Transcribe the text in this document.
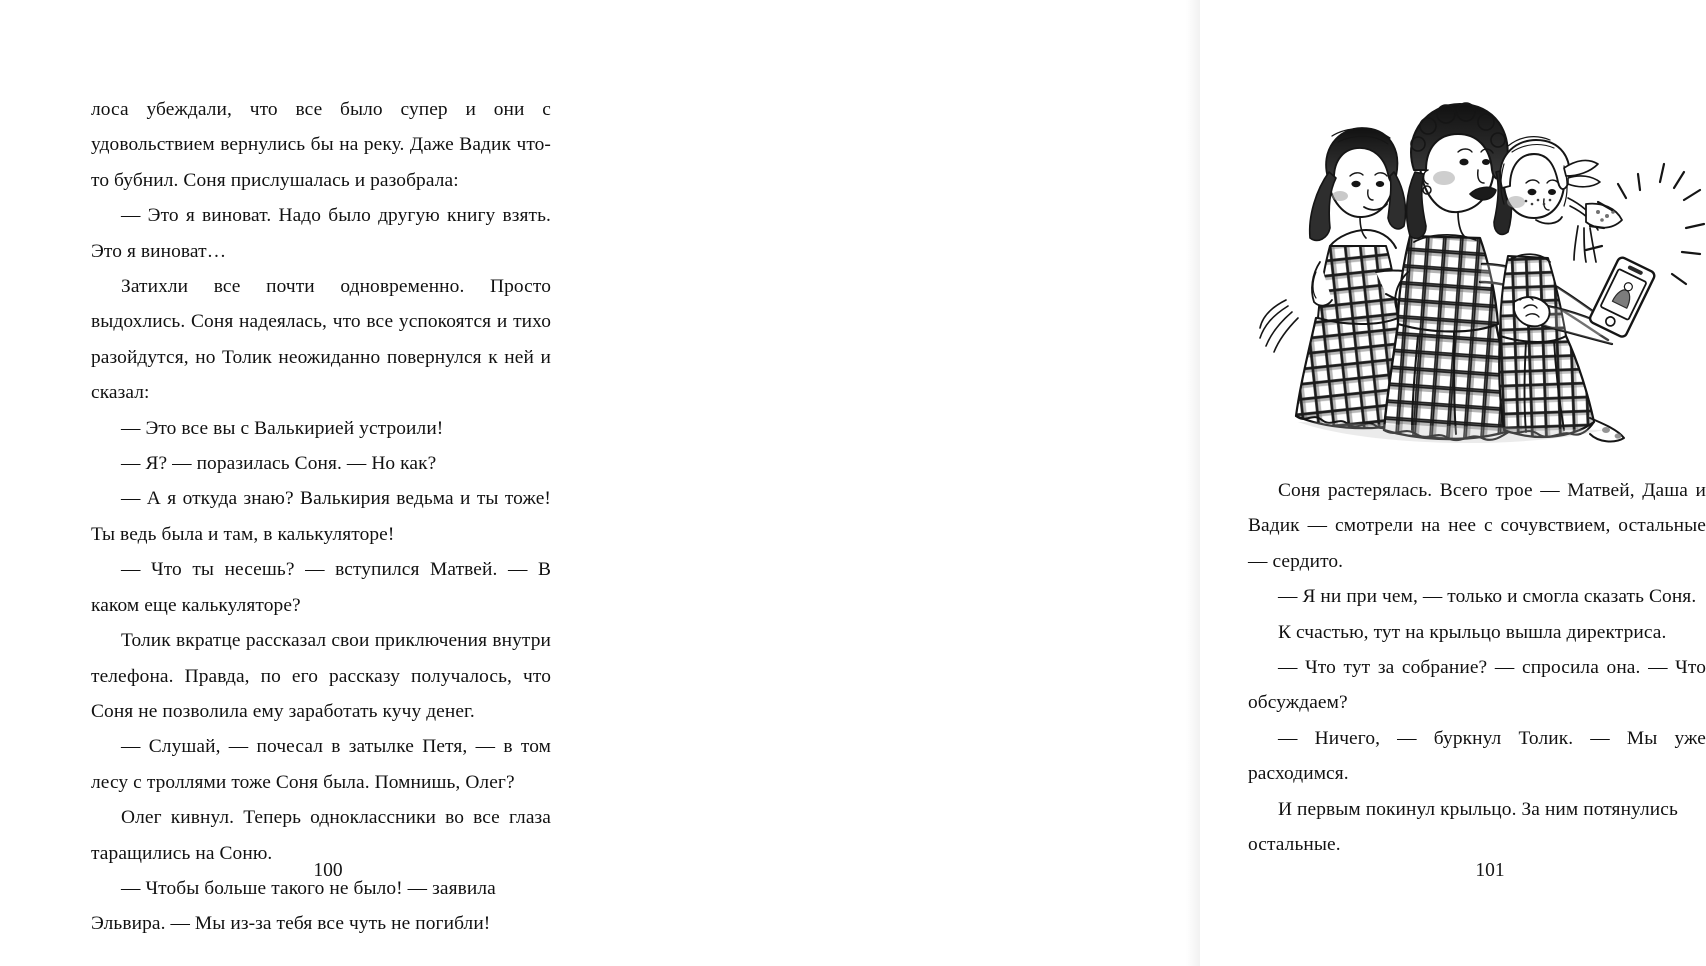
лоса убеждали, что все было супер и они с удовольствием вернулись бы на реку. Даже Вадик что-то бубнил. Соня прислушалась и разобрала:

— Это я виноват. Надо было другую книгу взять. Это я виноват…

Затихли все почти одновременно. Просто выдохлись. Соня надеялась, что все успокоятся и тихо разойдутся, но Толик неожиданно повернулся к ней и сказал:

— Это все вы с Валькирией устроили!

— Я? — поразилась Соня. — Но как?

— А я откуда знаю? Валькирия ведьма и ты тоже! Ты ведь была и там, в калькуляторе!

— Что ты несешь? — вступился Матвей. — В каком еще калькуляторе?

Толик вкратце рассказал свои приключения внутри телефона. Правда, по его рассказу получалось, что Соня не позволила ему заработать кучу денег.

— Слушай, — почесал в затылке Петя, — в том лесу с троллями тоже Соня была. Помнишь, Олег?

Олег кивнул. Теперь одноклассники во все глаза таращились на Соню.

— Чтобы больше такого не было! — заявила Эльвира. — Мы из-за тебя все чуть не погибли!

100

Соня растерялась. Всего трое — Матвей, Даша и Вадик — смотрели на нее с сочувствием, остальные — сердито.

— Я ни при чем, — только и смогла сказать Соня.

К счастью, тут на крыльцо вышла директриса.

— Что тут за собрание? — спросила она. — Что обсуждаем?

— Ничего, — буркнул Толик. — Мы уже расходимся.

И первым покинул крыльцо. За ним потянулись остальные.

101
